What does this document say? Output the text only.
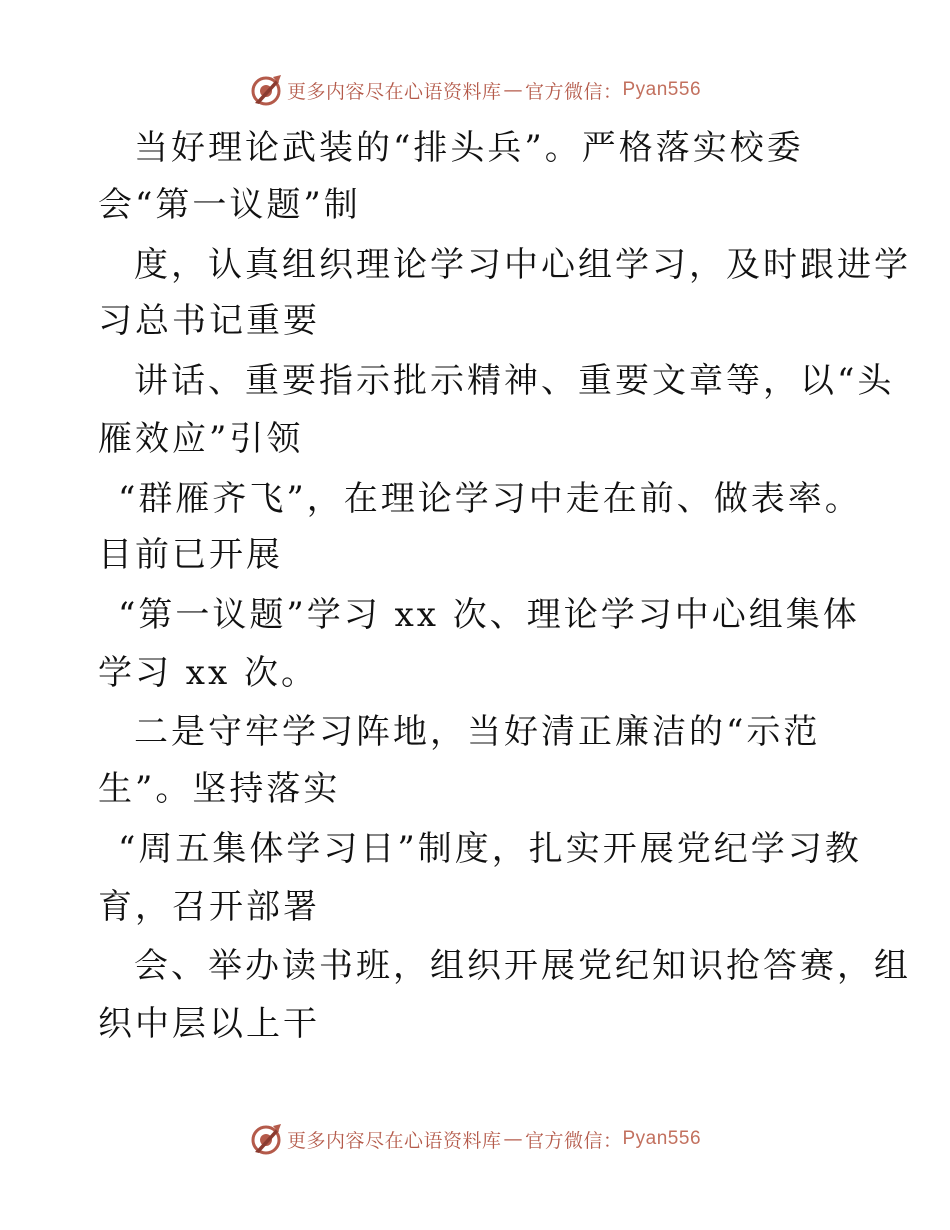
更多内容尽在心语资料库 — 官方微信： Pyan556
当好理论武装的“排头兵”。严格落实校委
会“第一议题”制
度，认真组织理论学习中心组学习，及时跟进学
习总书记重要
讲话、重要指示批示精神、重要文章等，以“头
雁效应”引领
“群雁齐飞”，在理论学习中走在前、做表率。
目前已开展
“第一议题”学习 xx 次、理论学习中心组集体
学习 xx 次。
二是守牢学习阵地，当好清正廉洁的“示范
生”。坚持落实
“周五集体学习日”制度，扎实开展党纪学习教
育，召开部署
会、举办读书班，组织开展党纪知识抢答赛，组
织中层以上干
更多内容尽在心语资料库 — 官方微信： Pyan556
